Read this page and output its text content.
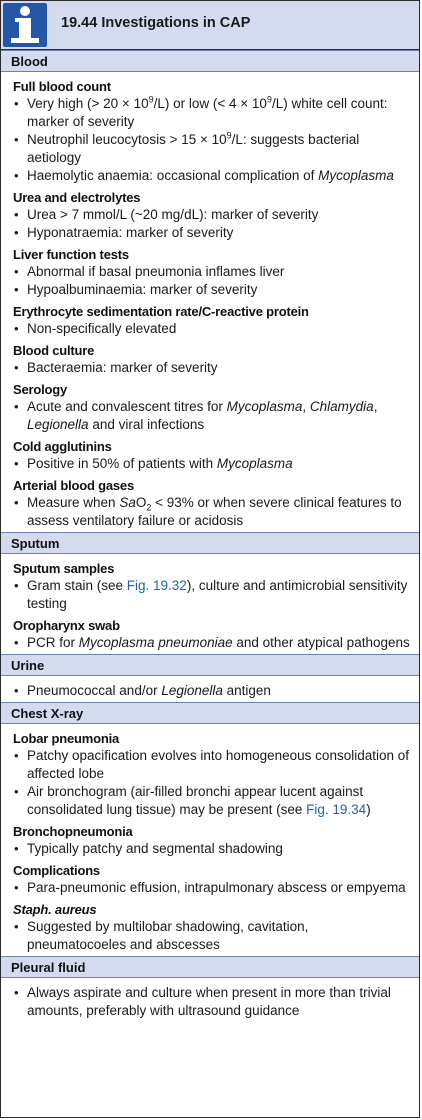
19.44 Investigations in CAP
Blood
Full blood count
• Very high (> $20 \times 10^9/L$) or low (< $4 \times 10^9/L$) white cell count: marker of severity
• Neutrophil leucocytosis > $15 \times 10^9/L$: suggests bacterial aetiology
• Haemolytic anaemia: occasional complication of Mycoplasma
Urea and electrolytes
• Urea > 7 mmol/L (~20 mg/dL): marker of severity
• Hyponatraemia: marker of severity
Liver function tests
• Abnormal if basal pneumonia inflames liver
• Hypoalbuminaemia: marker of severity
Erythrocyte sedimentation rate/C-reactive protein
• Non-specifically elevated
Blood culture
• Bacteraemia: marker of severity
Serology
• Acute and convalescent titres for Mycoplasma, Chlamydia, Legionella and viral infections
Cold agglutinins
• Positive in 50% of patients with Mycoplasma
Arterial blood gases
• Measure when SaO$_2$ < 93% or when severe clinical features to assess ventilatory failure or acidosis
Sputum
Sputum samples
• Gram stain (see Fig. 19.32), culture and antimicrobial sensitivity testing
Oropharynx swab
• PCR for Mycoplasma pneumoniae and other atypical pathogens
Urine
• Pneumococcal and/or Legionella antigen
Chest X-ray
Lobar pneumonia
• Patchy opacification evolves into homogeneous consolidation of affected lobe
• Air bronchogram (air-filled bronchi appear lucent against consolidated lung tissue) may be present (see Fig. 19.34)
Bronchopneumonia
• Typically patchy and segmental shadowing
Complications
• Para-pneumonic effusion, intrapulmonary abscess or empyema
Staph. aureus
• Suggested by multilobar shadowing, cavitation, pneumatocoeles and abscesses
Pleural fluid
• Always aspirate and culture when present in more than trivial amounts, preferably with ultrasound guidance
